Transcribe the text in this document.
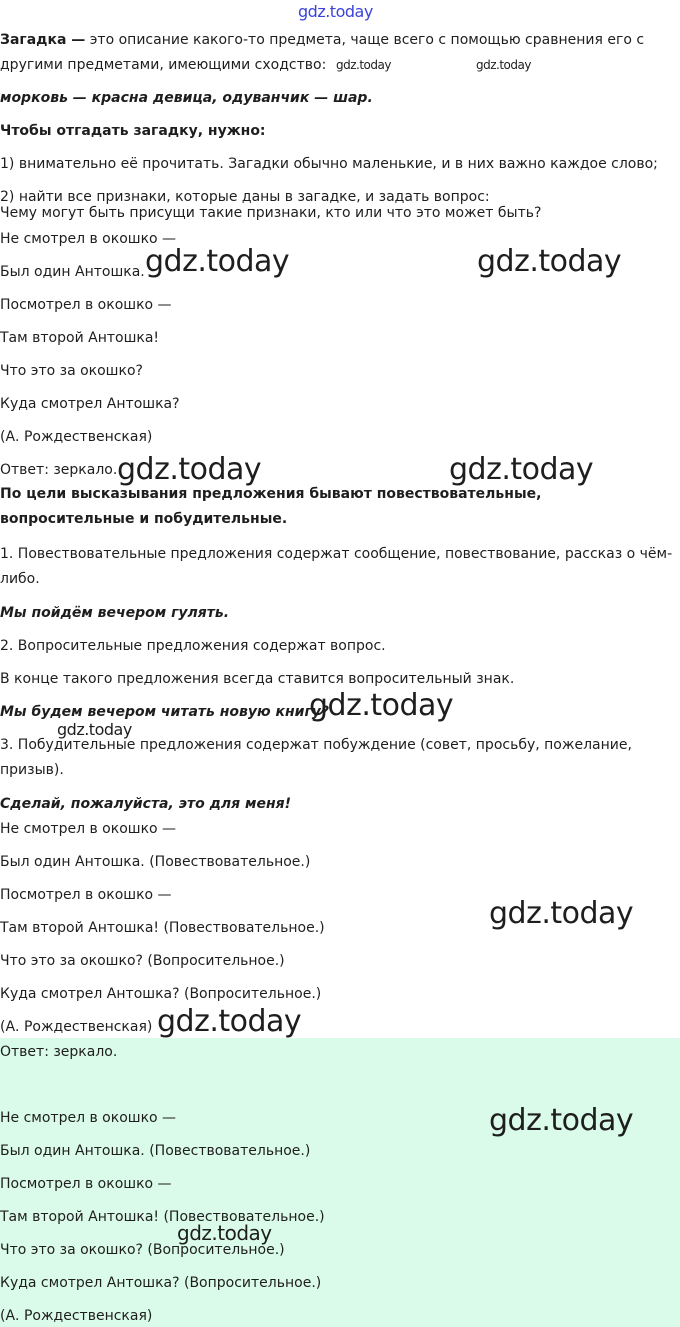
gdz.today

Загадка — это описание какого-то предмета, чаще всего с помощью сравнения его с другими предметами, имеющими сходство:

морковь — красна девица, одуванчик — шар.
Чтобы отгадать загадку, нужно:
1) внимательно её прочитать. Загадки обычно маленькие, и в них важно каждое слово;
2) найти все признаки, которые даны в загадке, и задать вопрос:
Чему могут быть присущи такие признаки, кто или что это может быть?
Не смотрел в окошко —
Был один Антошка.
Посмотрел в окошко —
Там второй Антошка!
Что это за окошко?
Куда смотрел Антошка?
(А. Рождественская)
Ответ: зеркало.

По цели высказывания предложения бывают повествовательные, вопросительные и побудительные.

1. Повествовательные предложения содержат сообщение, повествование, рассказ о чём-либо.

Мы пойдём вечером гулять.
2. Вопросительные предложения содержат вопрос.
В конце такого предложения всегда ставится вопросительный знак.
Мы будем вечером читать новую книгу?

3. Побудительные предложения содержат побуждение (совет, просьбу, пожелание, призыв).

Сделай, пожалуйста, это для меня!
Не смотрел в окошко —
Был один Антошка. (Повествовательное.)
Посмотрел в окошко —
Там второй Антошка! (Повествовательное.)
Что это за окошко? (Вопросительное.)
Куда смотрел Антошка? (Вопросительное.)
(А. Рождественская)
Ответ: зеркало.
Не смотрел в окошко —
Был один Антошка. (Повествовательное.)
Посмотрел в окошко —
Там второй Антошка! (Повествовательное.)
Что это за окошко? (Вопросительное.)
Куда смотрел Антошка? (Вопросительное.)
(А. Рождественская)
gdz.today	gdz.today
gdz.today	gdz.today
gdz.today	gdz.today
gdz.today
gdz.today
gdz.today
gdz.today
gdz.today
gdz.today
